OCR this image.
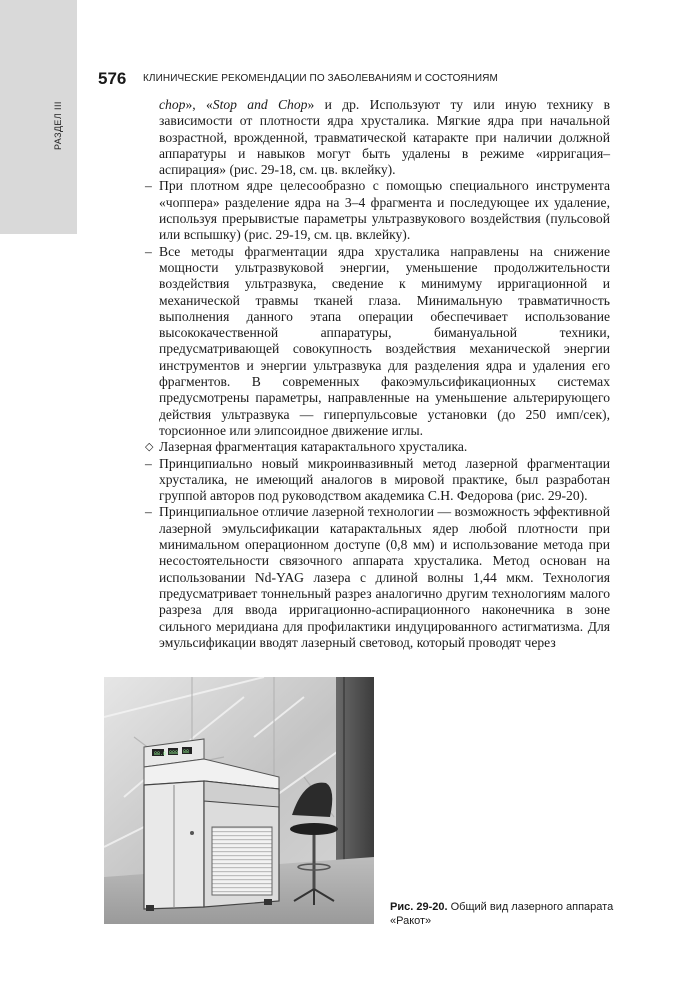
РАЗДЕЛ III
576 КЛИНИЧЕСКИЕ РЕКОМЕНДАЦИИ ПО ЗАБОЛЕВАНИЯМ И СОСТОЯНИЯМ

chop», «Stop and Chop» и др. Используют ту или иную технику в зависимости от плотности ядра хрусталика. Мягкие ядра при начальной возрастной, врожденной, травматической катаракте при наличии должной аппаратуры и навыков могут быть удалены в режиме «ирригация–аспирация» (рис. 29-18, см. цв. вклейку).

– При плотном ядре целесообразно с помощью специального инструмента «чоппера» разделение ядра на 3–4 фрагмента и последующее их удаление, используя прерывистые параметры ультразвукового воздействия (пульсовой или вспышку) (рис. 29-19, см. цв. вклейку).

– Все методы фрагментации ядра хрусталика направлены на снижение мощности ультразвуковой энергии, уменьшение продолжительности воздействия ультразвука, сведение к минимуму ирригационной и механической травмы тканей глаза. Минимальную травматичность выполнения данного этапа операции обеспечивает использование высококачественной аппаратуры, бимануальной техники, предусматривающей совокупность воздействия механической энергии инструментов и энергии ультразвука для разделения ядра и удаления его фрагментов. В современных факоэмульсификационных системах предусмотрены параметры, направленные на уменьшение альтерирующего действия ультразвука — гиперпульсовые установки (до 250 имп/сек), торсионное или элипсоидное движение иглы.

◇ Лазерная фрагментация катарактального хрусталика.

– Принципиально новый микроинвазивный метод лазерной фрагментации хрусталика, не имеющий аналогов в мировой практике, был разработан группой авторов под руководством академика С.Н. Федорова (рис. 29-20).

– Принципиальное отличие лазерной технологии — возможность эффективной лазерной эмульсификации катарактальных ядер любой плотности при минимальном операционном доступе (0,8 мм) и использование метода при несостоятельности связочного аппарата хрусталика. Метод основан на использовании Nd-YAG лазера с длиной волны 1,44 мкм. Технология предусматривает тоннельный разрез аналогично другим технологиям малого разреза для ввода ирригационно-аспирационного наконечника в зоне сильного меридиана для профилактики индуцированного астигматизма. Для эмульсификации вводят лазерный световод, который проводят через

88.8 888 88
Рис. 29-20. Общий вид лазерного аппарата «Ракот»
